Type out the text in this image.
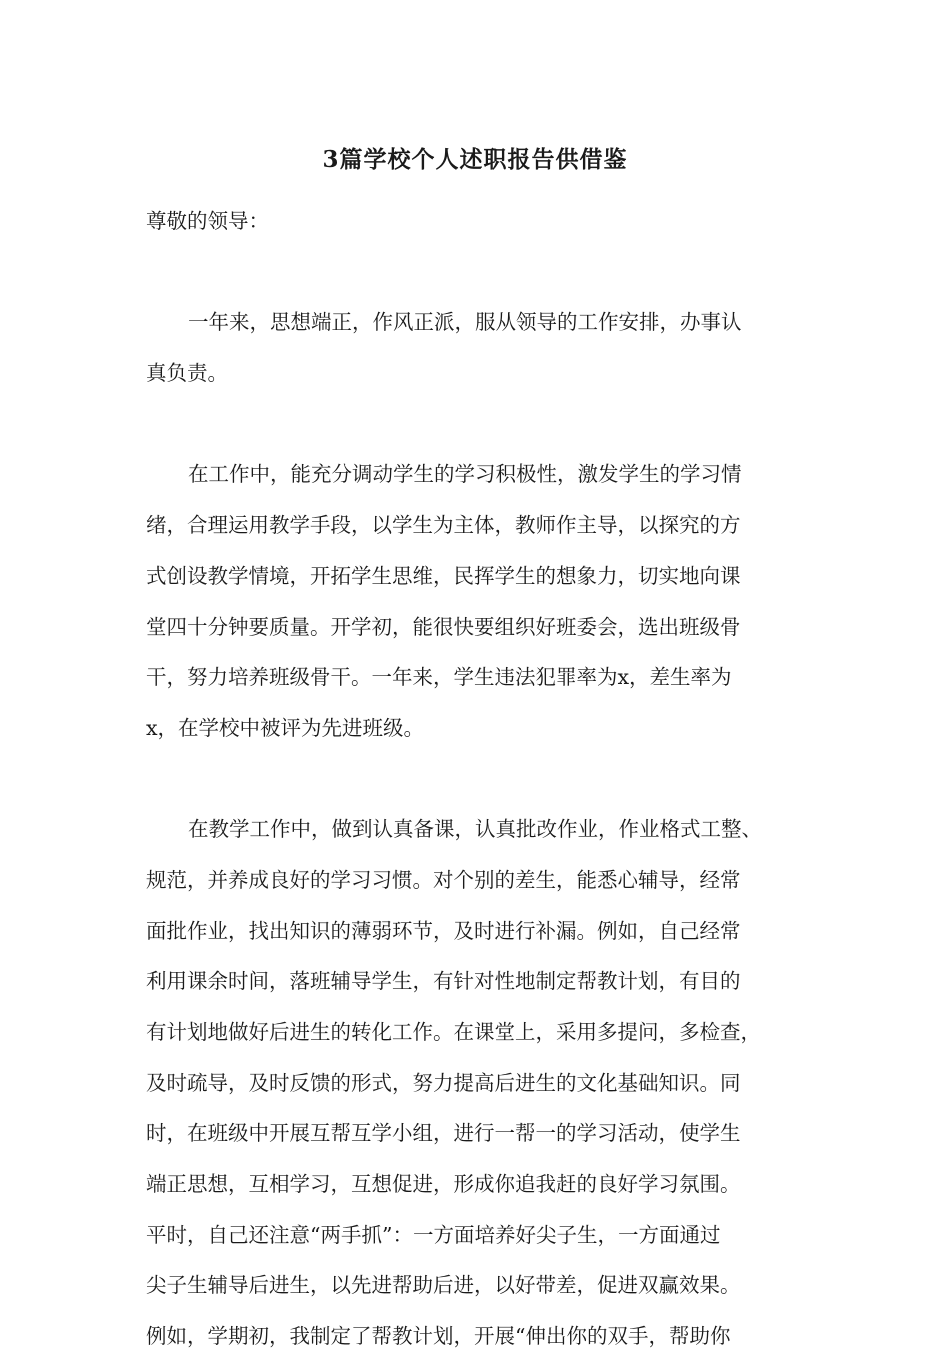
3篇学校个人述职报告供借鉴
尊敬的领导：
一年来，思想端正，作风正派，服从领导的工作安排，办事认
真负责。
在工作中，能充分调动学生的学习积极性，激发学生的学习情
绪，合理运用教学手段，以学生为主体，教师作主导，以探究的方
式创设教学情境，开拓学生思维，民挥学生的想象力，切实地向课
堂四十分钟要质量。开学初，能很快要组织好班委会，选出班级骨
干，努力培养班级骨干。一年来，学生违法犯罪率为x，差生率为
x，在学校中被评为先进班级。
在教学工作中，做到认真备课，认真批改作业，作业格式工整、
规范，并养成良好的学习习惯。对个别的差生，能悉心辅导，经常
面批作业，找出知识的薄弱环节，及时进行补漏。例如，自己经常
利用课余时间，落班辅导学生，有针对性地制定帮教计划，有目的
有计划地做好后进生的转化工作。在课堂上，采用多提问，多检查，
及时疏导，及时反馈的形式，努力提高后进生的文化基础知识。同
时，在班级中开展互帮互学小组，进行一帮一的学习活动，使学生
端正思想，互相学习，互想促进，形成你追我赶的良好学习氛围。
平时，自己还注意“两手抓”：一方面培养好尖子生，一方面通过
尖子生辅导后进生，以先进帮助后进，以好带差，促进双赢效果。
例如，学期初，我制定了帮教计划，开展“伸出你的双手，帮助你
